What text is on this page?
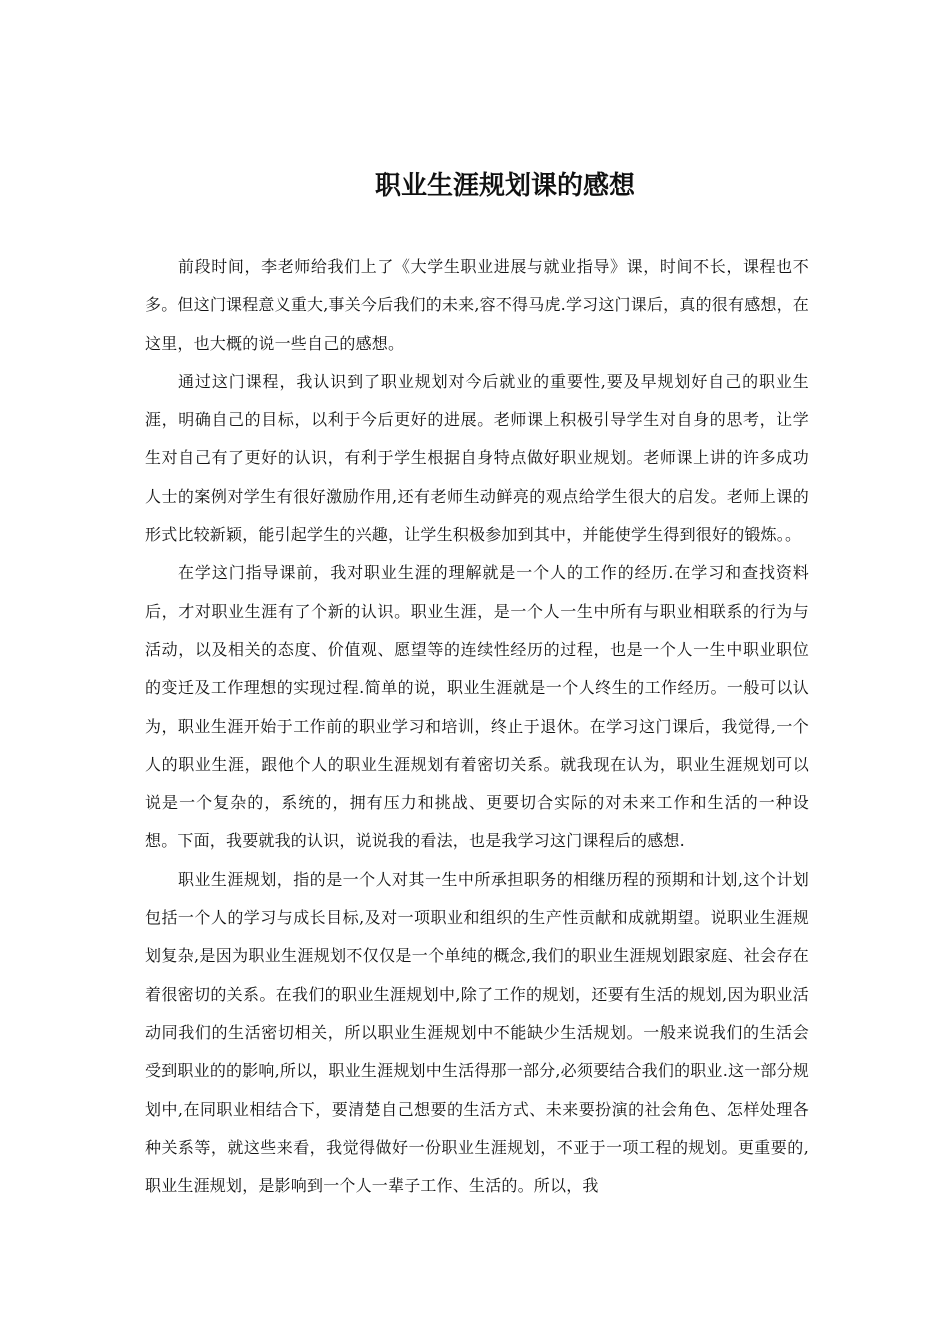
职业生涯规划课的感想

前段时间，李老师给我们上了《大学生职业进展与就业指导》课，时间不长，课程也不多。但这门课程意义重大,事关今后我们的未来,容不得马虎.学习这门课后，真的很有感想，在这里，也大概的说一些自己的感想。

通过这门课程，我认识到了职业规划对今后就业的重要性,要及早规划好自己的职业生涯，明确自己的目标，以利于今后更好的进展。老师课上积极引导学生对自身的思考，让学生对自己有了更好的认识，有利于学生根据自身特点做好职业规划。老师课上讲的许多成功人士的案例对学生有很好激励作用,还有老师生动鲜亮的观点给学生很大的启发。老师上课的形式比较新颖，能引起学生的兴趣，让学生积极参加到其中，并能使学生得到很好的锻炼。。

在学这门指导课前，我对职业生涯的理解就是一个人的工作的经历.在学习和查找资料后，才对职业生涯有了个新的认识。职业生涯，是一个人一生中所有与职业相联系的行为与活动，以及相关的态度、价值观、愿望等的连续性经历的过程，也是一个人一生中职业职位的变迁及工作理想的实现过程.简单的说，职业生涯就是一个人终生的工作经历。一般可以认为，职业生涯开始于工作前的职业学习和培训，终止于退休。在学习这门课后，我觉得,一个人的职业生涯，跟他个人的职业生涯规划有着密切关系。就我现在认为，职业生涯规划可以说是一个复杂的，系统的，拥有压力和挑战、更要切合实际的对未来工作和生活的一种设想。下面，我要就我的认识，说说我的看法，也是我学习这门课程后的感想.

职业生涯规划，指的是一个人对其一生中所承担职务的相继历程的预期和计划,这个计划包括一个人的学习与成长目标,及对一项职业和组织的生产性贡献和成就期望。说职业生涯规划复杂,是因为职业生涯规划不仅仅是一个单纯的概念,我们的职业生涯规划跟家庭、社会存在着很密切的关系。在我们的职业生涯规划中,除了工作的规划，还要有生活的规划,因为职业活动同我们的生活密切相关，所以职业生涯规划中不能缺少生活规划。一般来说我们的生活会受到职业的的影响,所以，职业生涯规划中生活得那一部分,必须要结合我们的职业.这一部分规划中,在同职业相结合下，要清楚自己想要的生活方式、未来要扮演的社会角色、怎样处理各种关系等，就这些来看，我觉得做好一份职业生涯规划，不亚于一项工程的规划。更重要的,职业生涯规划，是影响到一个人一辈子工作、生活的。所以，我
